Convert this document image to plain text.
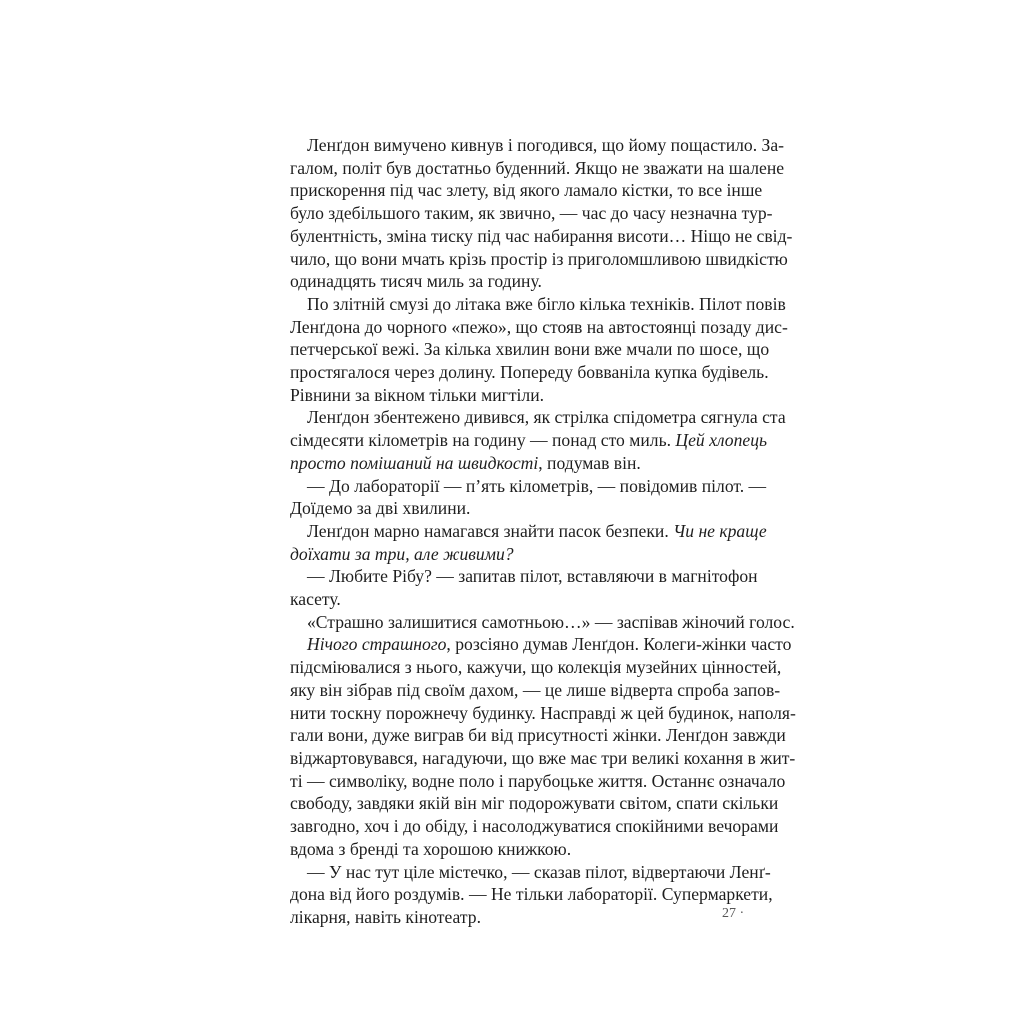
Ленґдон вимучено кивнув і погодився, що йому пощастило. За-
галом, політ був достатньо буденний. Якщо не зважати на шалене
прискорення під час злету, від якого ламало кістки, то все інше
було здебільшого таким, як звично, — час до часу незначна тур-
булентність, зміна тиску під час набирання висоти… Ніщо не свід-
чило, що вони мчать крізь простір із приголомшливою швидкістю
одинадцять тисяч миль за годину.
По злітній смузі до літака вже бігло кілька техніків. Пілот повів
Ленґдона до чорного «пежо», що стояв на автостоянці позаду дис-
петчерської вежі. За кілька хвилин вони вже мчали по шосе, що
простягалося через долину. Попереду бовваніла купка будівель.
Рівнини за вікном тільки мигтіли.
Ленґдон збентежено дивився, як стрілка спідометра сягнула ста
сімдесяти кілометрів на годину — понад сто миль. Цей хлопець
просто помішаний на швидкості, подумав він.
— До лабораторії — п’ять кілометрів, — повідомив пілот. —
Доїдемо за дві хвилини.
Ленґдон марно намагався знайти пасок безпеки. Чи не краще
доїхати за три, але живими?
— Любите Рібу? — запитав пілот, вставляючи в магнітофон
касету.
«Страшно залишитися самотньою…» — заспівав жіночий голос.
Нічого страшного, розсіяно думав Ленґдон. Колеги-жінки часто
підсміювалися з нього, кажучи, що колекція музейних цінностей,
яку він зібрав під своїм дахом, — це лише відверта спроба запов-
нити тоскну порожнечу будинку. Насправді ж цей будинок, наполя-
гали вони, дуже виграв би від присутності жінки. Ленґдон завжди
віджартовувався, нагадуючи, що вже має три великі кохання в жит-
ті — символіку, водне поло і парубоцьке життя. Останнє означало
свободу, завдяки якій він міг подорожувати світом, спати скільки
завгодно, хоч і до обіду, і насолоджуватися спокійними вечорами
вдома з бренді та хорошою книжкою.
— У нас тут ціле містечко, — сказав пілот, відвертаючи Ленґ-
дона від його роздумів. — Не тільки лабораторії. Супермаркети,
лікарня, навіть кінотеатр.	27 ·
